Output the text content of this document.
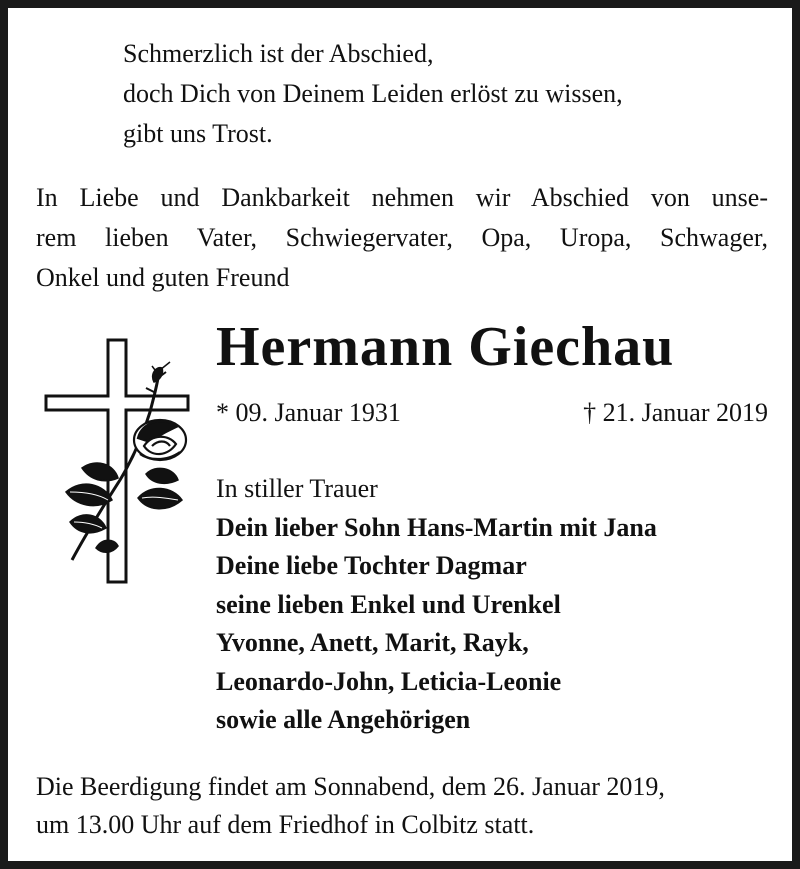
Schmerzlich ist der Abschied,
doch Dich von Deinem Leiden erlöst zu wissen,
gibt uns Trost.
In Liebe und Dankbarkeit nehmen wir Abschied von unse-
rem lieben Vater, Schwiegervater, Opa, Uropa, Schwager,
Onkel und guten Freund
Hermann Giechau
* 09. Januar 1931	† 21. Januar 2019
In stiller Trauer
Dein lieber Sohn Hans-Martin mit Jana
Deine liebe Tochter Dagmar
seine lieben Enkel und Urenkel
Yvonne, Anett, Marit, Rayk,
Leonardo-John, Leticia-Leonie
sowie alle Angehörigen
Die Beerdigung findet am Sonnabend, dem 26. Januar 2019,
um 13.00 Uhr auf dem Friedhof in Colbitz statt.
